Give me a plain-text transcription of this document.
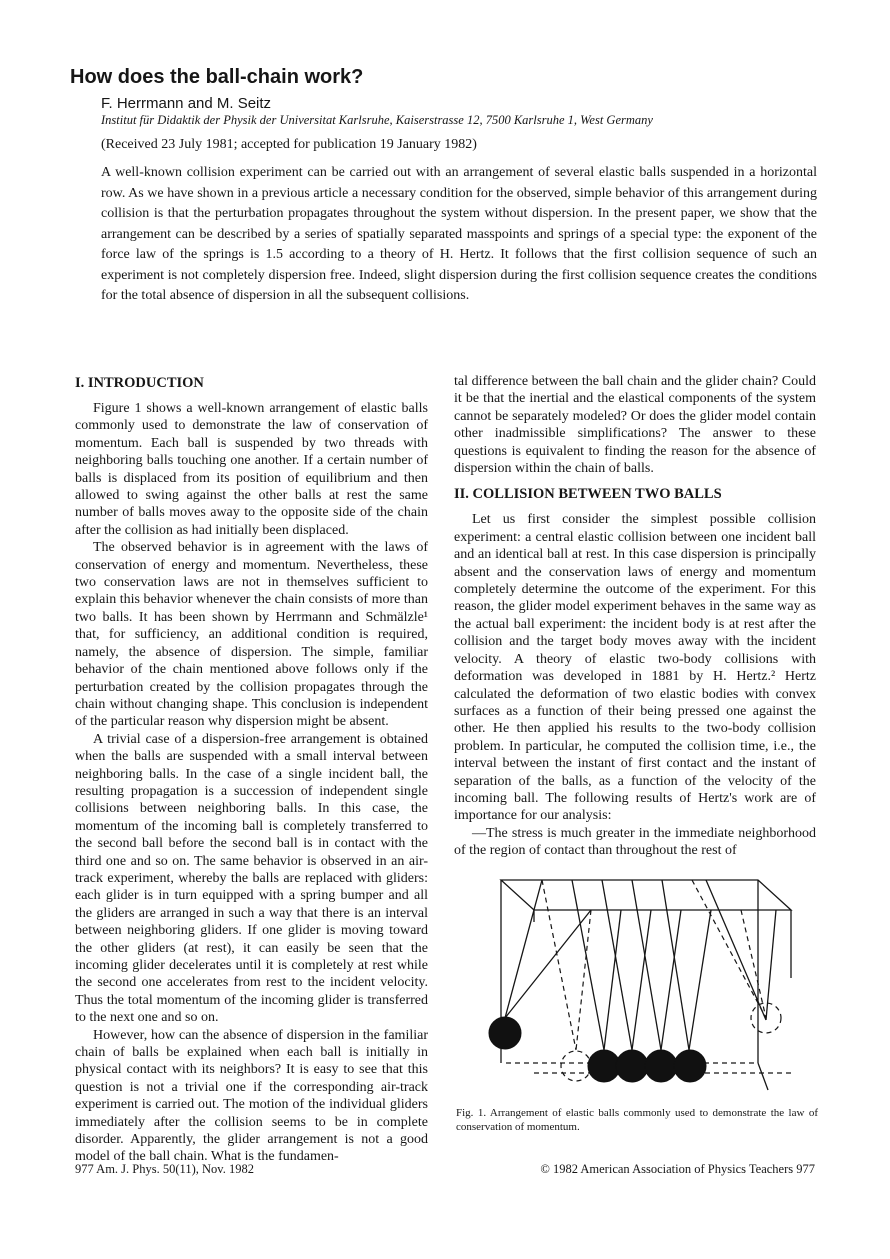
How does the ball-chain work?

F. Herrmann and M. Seitz

Institut für Didaktik der Physik der Universitat Karlsruhe, Kaiserstrasse 12, 7500 Karlsruhe 1, West Germany

(Received 23 July 1981; accepted for publication 19 January 1982)

A well-known collision experiment can be carried out with an arrangement of several elastic balls suspended in a horizontal row. As we have shown in a previous article a necessary condition for the observed, simple behavior of this arrangement during collision is that the perturbation propagates throughout the system without dispersion. In the present paper, we show that the arrangement can be described by a series of spatially separated masspoints and springs of a special type: the exponent of the force law of the springs is 1.5 according to a theory of H. Hertz. It follows that the first collision sequence of such an experiment is not completely dispersion free. Indeed, slight dispersion during the first collision sequence creates the conditions for the total absence of dispersion in all the subsequent collisions.

I. INTRODUCTION

Figure 1 shows a well-known arrangement of elastic balls commonly used to demonstrate the law of conservation of momentum. Each ball is suspended by two threads with neighboring balls touching one another. If a certain number of balls is displaced from its position of equilibrium and then allowed to swing against the other balls at rest the same number of balls moves away to the opposite side of the chain after the collision as had initially been displaced.

The observed behavior is in agreement with the laws of conservation of energy and momentum. Nevertheless, these two conservation laws are not in themselves sufficient to explain this behavior whenever the chain consists of more than two balls. It has been shown by Herrmann and Schmälzle¹ that, for sufficiency, an additional condition is required, namely, the absence of dispersion. The simple, familiar behavior of the chain mentioned above follows only if the perturbation created by the collision propagates through the chain without changing shape. This conclusion is independent of the particular reason why dispersion might be absent.

A trivial case of a dispersion-free arrangement is obtained when the balls are suspended with a small interval between neighboring balls. In the case of a single incident ball, the resulting propagation is a succession of independent single collisions between neighboring balls. In this case, the momentum of the incoming ball is completely transferred to the second ball before the second ball is in contact with the third one and so on. The same behavior is observed in an air-track experiment, whereby the balls are replaced with gliders: each glider is in turn equipped with a spring bumper and all the gliders are arranged in such a way that there is an interval between neighboring gliders. If one glider is moving toward the other gliders (at rest), it can easily be seen that the incoming glider decelerates until it is completely at rest while the second one accelerates from rest to the incident velocity. Thus the total momentum of the incoming glider is transferred to the next one and so on.

However, how can the absence of dispersion in the familiar chain of balls be explained when each ball is initially in physical contact with its neighbors? It is easy to see that this question is not a trivial one if the corresponding air-track experiment is carried out. The motion of the individual gliders immediately after the collision seems to be in complete disorder. Apparently, the glider arrangement is not a good model of the ball chain. What is the fundamen-

tal difference between the ball chain and the glider chain? Could it be that the inertial and the elastical components of the system cannot be separately modeled? Or does the glider model contain other inadmissible simplifications? The answer to these questions is equivalent to finding the reason for the absence of dispersion within the chain of balls.

II. COLLISION BETWEEN TWO BALLS

Let us first consider the simplest possible collision experiment: a central elastic collision between one incident ball and an identical ball at rest. In this case dispersion is principally absent and the conservation laws of energy and momentum completely determine the outcome of the experiment. For this reason, the glider model experiment behaves in the same way as the actual ball experiment: the incident body is at rest after the collision and the target body moves away with the incident velocity. A theory of elastic two-body collisions with deformation was developed in 1881 by H. Hertz.² Hertz calculated the deformation of two elastic bodies with convex surfaces as a function of their being pressed one against the other. He then applied his results to the two-body collision problem. In particular, he computed the collision time, i.e., the interval between the instant of first contact and the instant of separation of the balls, as a function of the velocity of the incoming ball. The following results of Hertz's work are of importance for our analysis:

—The stress is much greater in the immediate neighborhood of the region of contact than throughout the rest of

Fig. 1. Arrangement of elastic balls commonly used to demonstrate the law of conservation of momentum.

977 Am. J. Phys. 50(11), Nov. 1982	© 1982 American Association of Physics Teachers 977
